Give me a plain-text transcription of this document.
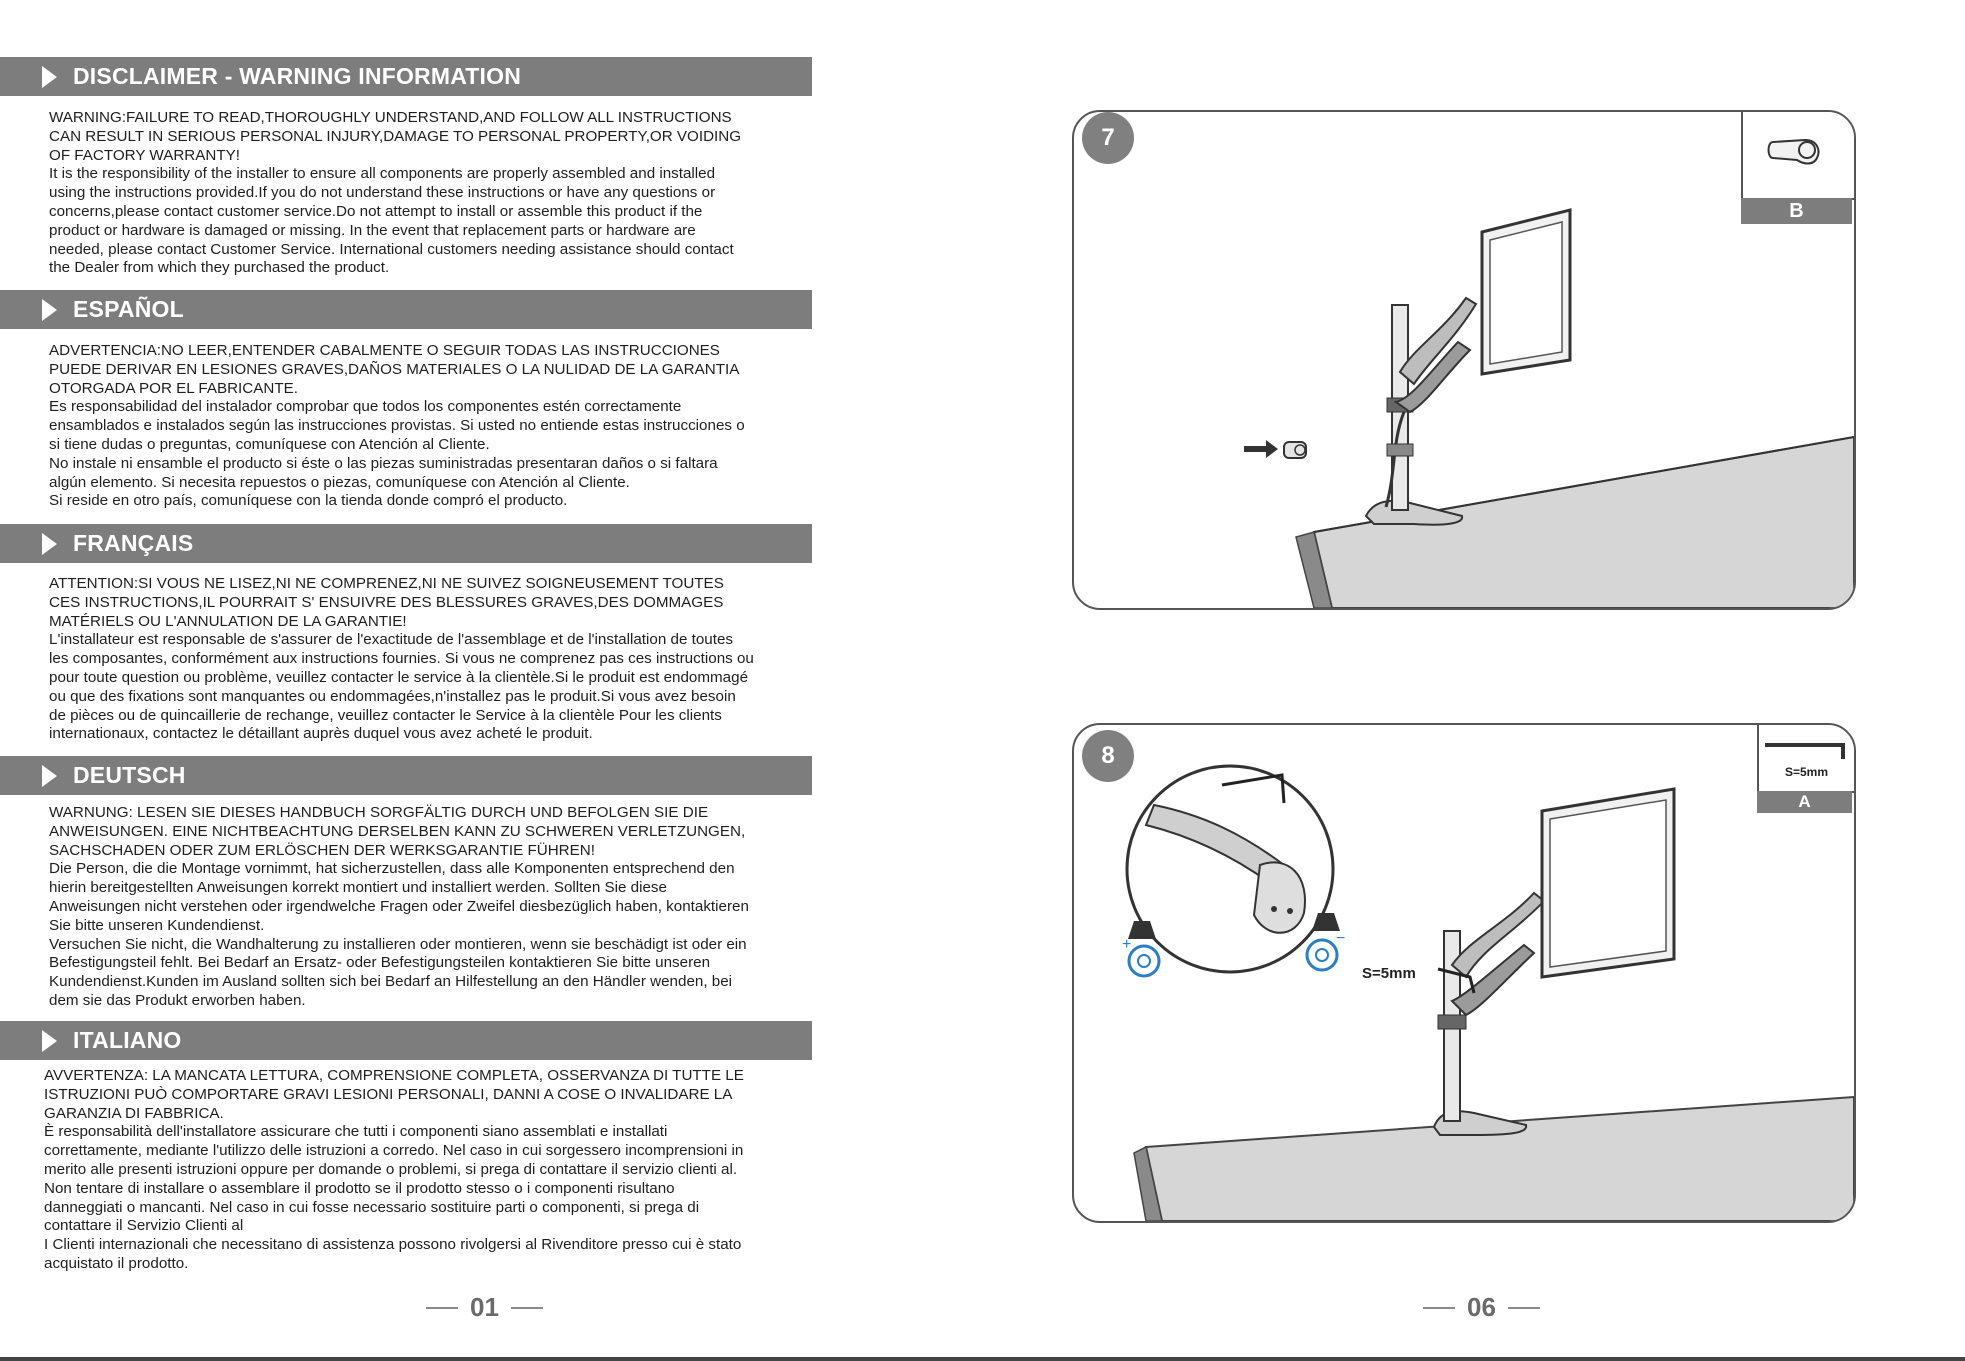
DISCLAIMER - WARNING INFORMATION

WARNING:FAILURE TO READ,THOROUGHLY UNDERSTAND,AND FOLLOW ALL INSTRUCTIONS

CAN RESULT IN SERIOUS PERSONAL INJURY,DAMAGE TO PERSONAL PROPERTY,OR VOIDING

OF FACTORY WARRANTY!

It is the responsibility of the installer to ensure all components are properly assembled and installed

using the instructions provided.If you do not understand these instructions or have any questions or

concerns,please contact customer service.Do not attempt to install or assemble this product if the

product or hardware is damaged or missing. In the event that replacement parts or hardware are

needed, please contact Customer Service. International customers needing assistance should contact

the Dealer from which they purchased the product.

ESPAÑOL

ADVERTENCIA:NO LEER,ENTENDER CABALMENTE O SEGUIR TODAS LAS INSTRUCCIONES

PUEDE DERIVAR EN LESIONES GRAVES,DAÑOS MATERIALES O LA NULIDAD DE LA GARANTIA

OTORGADA POR EL FABRICANTE.

Es responsabilidad del instalador comprobar que todos los componentes estén correctamente

ensamblados e instalados según las instrucciones provistas. Si usted no entiende estas instrucciones o

si tiene dudas o preguntas, comuníquese con Atención al Cliente.

No instale ni ensamble el producto si éste o las piezas suministradas presentaran daños o si faltara

algún elemento. Si necesita repuestos o piezas, comuníquese con Atención al Cliente.

Si reside en otro país, comuníquese con la tienda donde compró el producto.

FRANÇAIS

ATTENTION:SI VOUS NE LISEZ,NI NE COMPRENEZ,NI NE SUIVEZ SOIGNEUSEMENT TOUTES

CES INSTRUCTIONS,IL POURRAIT S' ENSUIVRE DES BLESSURES GRAVES,DES DOMMAGES

MATÉRIELS OU L'ANNULATION DE LA GARANTIE!

L'installateur est responsable de s'assurer de l'exactitude de l'assemblage et de l'installation de toutes

les composantes, conformément aux instructions fournies. Si vous ne comprenez pas ces instructions ou

pour toute question ou problème, veuillez contacter le service à la clientèle.Si le produit est endommagé

ou que des fixations sont manquantes ou endommagées,n'installez pas le produit.Si vous avez besoin

de pièces ou de quincaillerie de rechange, veuillez contacter le Service à la clientèle Pour les clients

internationaux, contactez le détaillant auprès duquel vous avez acheté le produit.

DEUTSCH

WARNUNG: LESEN SIE DIESES HANDBUCH SORGFÄLTIG DURCH UND BEFOLGEN SIE DIE

ANWEISUNGEN. EINE NICHTBEACHTUNG DERSELBEN KANN ZU SCHWEREN VERLETZUNGEN,

SACHSCHADEN ODER ZUM ERLÖSCHEN DER WERKSGARANTIE FÜHREN!

Die Person, die die Montage vornimmt, hat sicherzustellen, dass alle Komponenten entsprechend den

hierin bereitgestellten Anweisungen korrekt montiert und installiert werden. Sollten Sie diese

Anweisungen nicht verstehen oder irgendwelche Fragen oder Zweifel diesbezüglich haben, kontaktieren

Sie bitte unseren Kundendienst.

Versuchen Sie nicht, die Wandhalterung zu installieren oder montieren, wenn sie beschädigt ist oder ein

Befestigungsteil fehlt. Bei Bedarf an Ersatz- oder Befestigungsteilen kontaktieren Sie bitte unseren

Kundendienst.Kunden im Ausland sollten sich bei Bedarf an Hilfestellung an den Händler wenden, bei

dem sie das Produkt erworben haben.

ITALIANO

AVVERTENZA: LA MANCATA LETTURA, COMPRENSIONE COMPLETA, OSSERVANZA DI TUTTE LE

ISTRUZIONI PUÒ COMPORTARE GRAVI LESIONI PERSONALI, DANNI A COSE O INVALIDARE LA

GARANZIA DI FABBRICA.

È responsabilità dell'installatore assicurare che tutti i componenti siano assemblati e installati

correttamente, mediante l'utilizzo delle istruzioni a corredo. Nel caso in cui sorgessero incomprensioni in

merito alle presenti istruzioni oppure per domande o problemi, si prega di contattare il servizio clienti al.

Non tentare di installare o assemblare il prodotto se il prodotto stesso o i componenti risultano

danneggiati o mancanti. Nel caso in cui fosse necessario sostituire parti o componenti, si prega di

contattare il Servizio Clienti al

I Clienti internazionali che necessitano di assistenza possono rivolgersi al Rivenditore presso cui è stato

acquistato il prodotto.

01
7
B
+	−
8
S=5mm
S=5mm
A
06
